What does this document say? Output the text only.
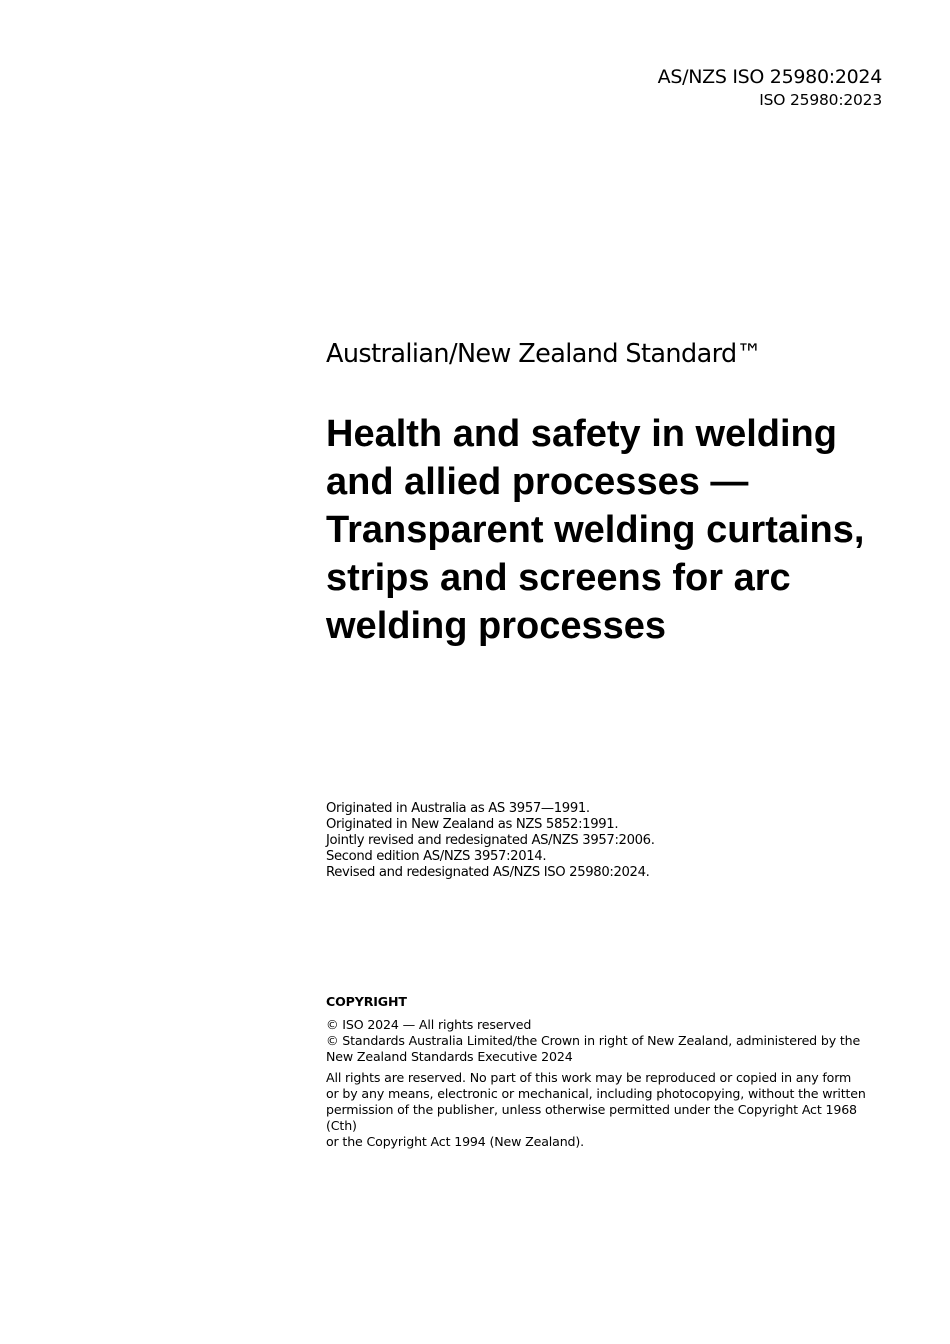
AS/NZS ISO 25980:2024
ISO 25980:2023
Australian/New Zealand Standard™
Health and safety in welding
and allied processes —
Transparent welding curtains,
strips and screens for arc
welding processes
Originated in Australia as AS 3957—1991.
Originated in New Zealand as NZS 5852:1991.
Jointly revised and redesignated AS/NZS 3957:2006.
Second edition AS/NZS 3957:2014.
Revised and redesignated AS/NZS ISO 25980:2024.
COPYRIGHT
© ISO 2024 — All rights reserved
© Standards Australia Limited/the Crown in right of New Zealand, administered by the New Zealand Standards Executive 2024
All rights are reserved. No part of this work may be reproduced or copied in any form
or by any means, electronic or mechanical, including photocopying, without the written
permission of the publisher, unless otherwise permitted under the Copyright Act 1968 (Cth)
or the Copyright Act 1994 (New Zealand).
